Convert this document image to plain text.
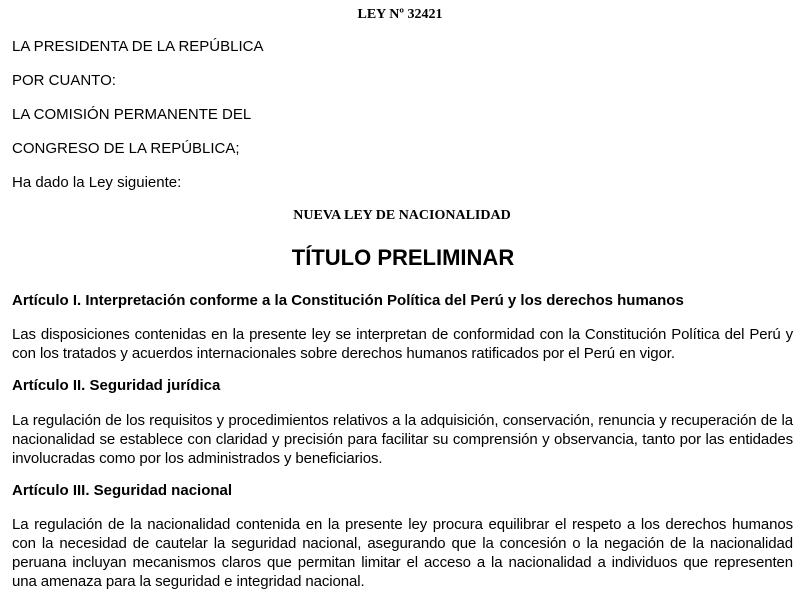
LEY Nº 32421
LA PRESIDENTA DE LA REPÚBLICA
POR CUANTO:
LA COMISIÓN PERMANENTE DEL
CONGRESO DE LA REPÚBLICA;
Ha dado la Ley siguiente:
NUEVA LEY DE NACIONALIDAD
TÍTULO PRELIMINAR
Artículo I. Interpretación conforme a la Constitución Política del Perú y los derechos humanos
Las disposiciones contenidas en la presente ley se interpretan de conformidad con la Constitución Política del Perú y con los tratados y acuerdos internacionales sobre derechos humanos ratificados por el Perú en vigor.
Artículo II. Seguridad jurídica
La regulación de los requisitos y procedimientos relativos a la adquisición, conservación, renuncia y recuperación de la nacionalidad se establece con claridad y precisión para facilitar su comprensión y observancia, tanto por las entidades involucradas como por los administrados y beneficiarios.
Artículo III. Seguridad nacional
La regulación de la nacionalidad contenida en la presente ley procura equilibrar el respeto a los derechos humanos con la necesidad de cautelar la seguridad nacional, asegurando que la concesión o la negación de la nacionalidad peruana incluyan mecanismos claros que permitan limitar el acceso a la nacionalidad a individuos que representen una amenaza para la seguridad e integridad nacional.
